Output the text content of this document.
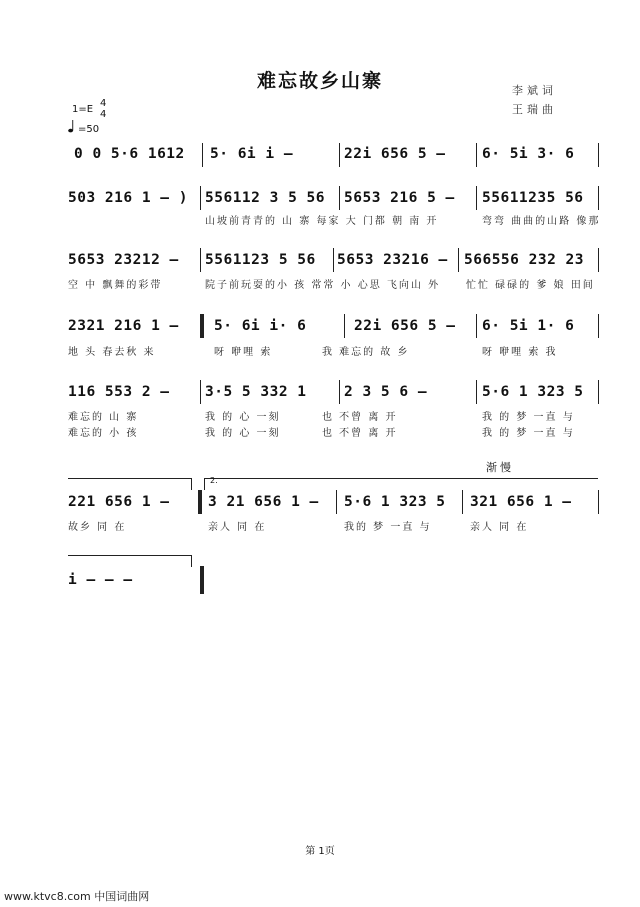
难忘故乡山寨	李斌词
王瑞曲
1=E
4
4
=50
0 0 5·6 1612 5· 6i i –	22i 656 5 –	6· 5i 3· 6
503 216 1 – ) 556112 3 5 56 5653 216 5 – 55611235 56
山坡前青青的 山 寨 每家 大 门都 朝 南 开	弯弯 曲曲的山路 像那
5653 23212 – 5561123 5 56 5653 23216 – 566556 232 23
空 中 飘舞的彩带	院子前玩耍的小 孩 常常 小 心思 飞向山 外	忙忙 碌碌的 爹 娘 田间
2321 216 1 – 5· 6i i· 6	22i 656 5 – 6· 5i 1· 6
地 头 春去秋 来	呀 咿哩 索	我 难忘的 故 乡	呀 咿哩 索 我
116 553 2 – 3·5 5 332 1	2 3 5 6 –	5·6 1 323 5
难忘的 山 寨	我 的 心 一刻	也 不曾 离 开	我 的 梦 一直 与
难忘的 小 孩	我 的 心 一刻	也 不曾 离 开	我 的 梦 一直 与
渐慢
2.
221 656 1 –	3 21 656 1 – 5·6 1 323 5 321 656 1 –
故乡 同 在	亲人 同 在	我的 梦 一直 与	亲人 同 在
i – – –
第 1页
www.ktvc8.com 中国词曲网
